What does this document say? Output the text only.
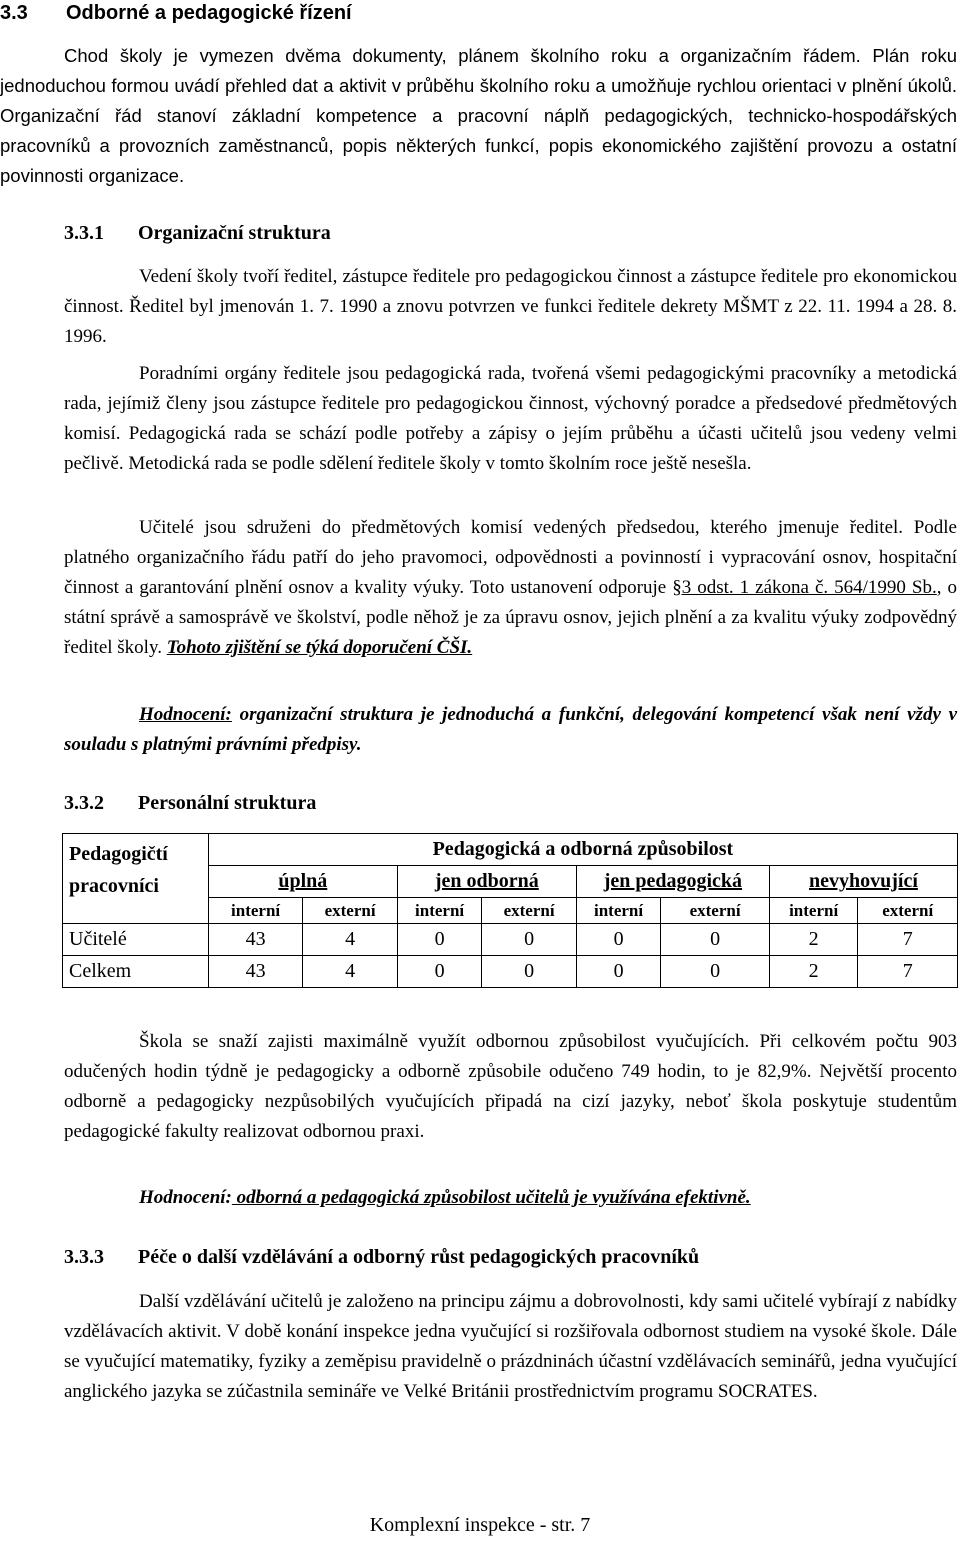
3.3 Odborné a pedagogické řízení
Chod školy je vymezen dvěma dokumenty, plánem školního roku a organizačním řádem. Plán roku jednoduchou formou uvádí přehled dat a aktivit v průběhu školního roku a umožňuje rychlou orientaci v plnění úkolů. Organizační řád stanoví základní kompetence a pracovní náplň pedagogických, technicko-hospodářských pracovníků a provozních zaměstnanců, popis některých funkcí, popis ekonomického zajištění provozu a ostatní povinnosti organizace.
3.3.1 Organizační struktura
Vedení školy tvoří ředitel, zástupce ředitele pro pedagogickou činnost a zástupce ředitele pro ekonomickou činnost. Ředitel byl jmenován 1. 7. 1990 a znovu potvrzen ve funkci ředitele dekrety MŠMT z 22. 11. 1994 a 28. 8. 1996.
Poradními orgány ředitele jsou pedagogická rada, tvořená všemi pedagogickými pracovníky a metodická rada, jejímiž členy jsou zástupce ředitele pro pedagogickou činnost, výchovný poradce a předsedové předmětových komisí. Pedagogická rada se schází podle potřeby a zápisy o jejím průběhu a účasti učitelů jsou vedeny velmi pečlivě. Metodická rada se podle sdělení ředitele školy v tomto školním roce ještě nesešla.
Učitelé jsou sdruženi do předmětových komisí vedených předsedou, kterého jmenuje ředitel. Podle platného organizačního řádu patří do jeho pravomoci, odpovědnosti a povinností i vypracování osnov, hospitační činnost a garantování plnění osnov a kvality výuky. Toto ustanovení odporuje §3 odst. 1 zákona č. 564/1990 Sb., o státní správě a samosprávě ve školství, podle něhož je za úpravu osnov, jejich plnění a za kvalitu výuky zodpovědný ředitel školy. Tohoto zjištění se týká doporučení ČŠI.
Hodnocení: organizační struktura je jednoduchá a funkční, delegování kompetencí však není vždy v souladu s platnými právními předpisy.
3.3.2 Personální struktura
Pedagogičtí pracovníci	Pedagogická a odborná způsobilost							
	úplná		jen odborná		jen pedagogická		nevyhovující	
	interní	externí	interní	externí	interní	externí	interní	externí
Učitelé	43	4	0	0	0	0	2	7
Celkem	43	4	0	0	0	0	2	7
Škola se snaží zajisti maximálně využít odbornou způsobilost vyučujících. Při celkovém počtu 903 odučených hodin týdně je pedagogicky a odborně způsobile odučeno 749 hodin, to je 82,9%. Největší procento odborně a pedagogicky nezpůsobilých vyučujících připadá na cizí jazyky, neboť škola poskytuje studentům pedagogické fakulty realizovat odbornou praxi.
Hodnocení: odborná a pedagogická způsobilost učitelů je využívána efektivně.
3.3.3 Péče o další vzdělávání a odborný růst pedagogických pracovníků
Další vzdělávání učitelů je založeno na principu zájmu a dobrovolnosti, kdy sami učitelé vybírají z nabídky vzdělávacích aktivit. V době konání inspekce jedna vyučující si rozšiřovala odbornost studiem na vysoké škole. Dále se vyučující matematiky, fyziky a zeměpisu pravidelně o prázdninách účastní vzdělávacích seminářů, jedna vyučující anglického jazyka se zúčastnila semináře ve Velké Británii prostřednictvím programu SOCRATES.
Komplexní inspekce - str. 7
